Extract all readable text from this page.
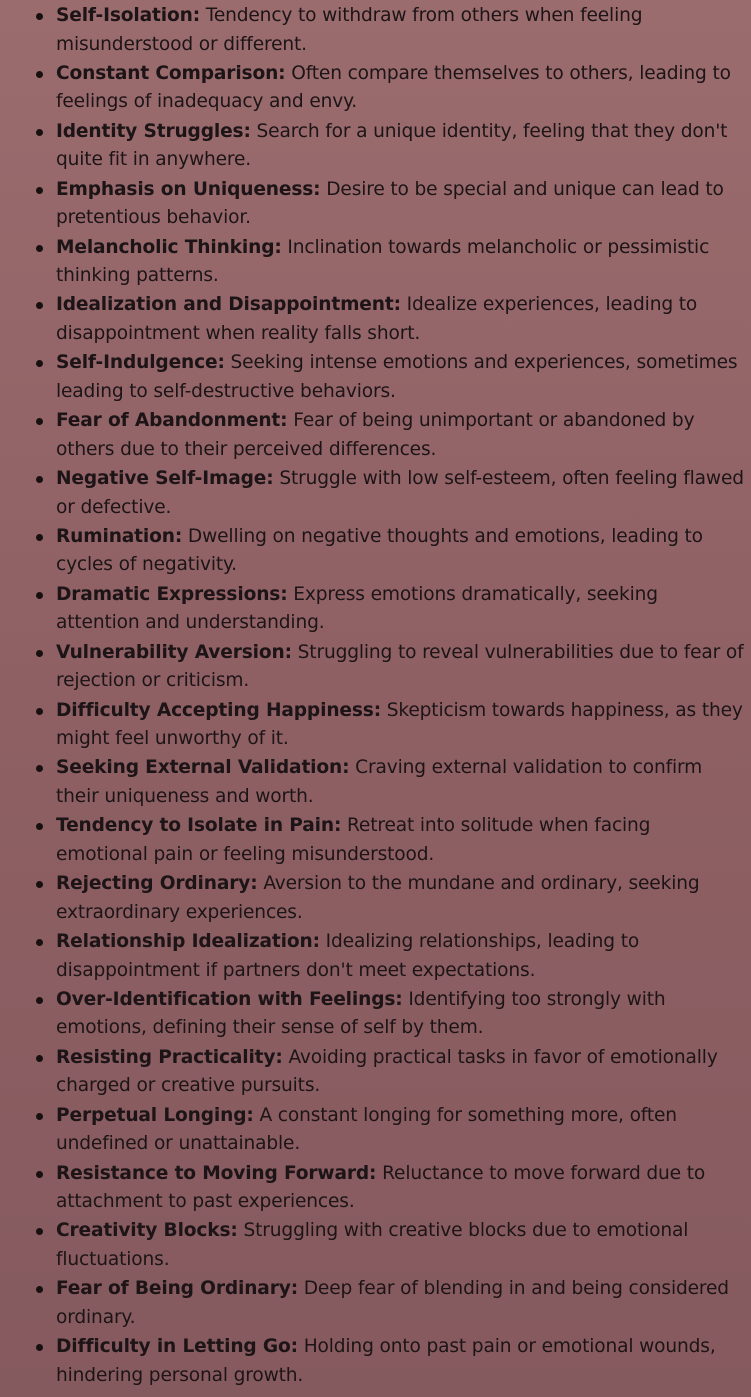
Self-Isolation: Tendency to withdraw from others when feeling misunderstood or different.
Constant Comparison: Often compare themselves to others, leading to feelings of inadequacy and envy.
Identity Struggles: Search for a unique identity, feeling that they don't quite fit in anywhere.
Emphasis on Uniqueness: Desire to be special and unique can lead to pretentious behavior.
Melancholic Thinking: Inclination towards melancholic or pessimistic thinking patterns.
Idealization and Disappointment: Idealize experiences, leading to disappointment when reality falls short.
Self-Indulgence: Seeking intense emotions and experiences, sometimes leading to self-destructive behaviors.
Fear of Abandonment: Fear of being unimportant or abandoned by others due to their perceived differences.
Negative Self-Image: Struggle with low self-esteem, often feeling flawed or defective.
Rumination: Dwelling on negative thoughts and emotions, leading to cycles of negativity.
Dramatic Expressions: Express emotions dramatically, seeking attention and understanding.
Vulnerability Aversion: Struggling to reveal vulnerabilities due to fear of rejection or criticism.
Difficulty Accepting Happiness: Skepticism towards happiness, as they might feel unworthy of it.
Seeking External Validation: Craving external validation to confirm their uniqueness and worth.
Tendency to Isolate in Pain: Retreat into solitude when facing emotional pain or feeling misunderstood.
Rejecting Ordinary: Aversion to the mundane and ordinary, seeking extraordinary experiences.
Relationship Idealization: Idealizing relationships, leading to disappointment if partners don't meet expectations.
Over-Identification with Feelings: Identifying too strongly with emotions, defining their sense of self by them.
Resisting Practicality: Avoiding practical tasks in favor of emotionally charged or creative pursuits.
Perpetual Longing: A constant longing for something more, often undefined or unattainable.
Resistance to Moving Forward: Reluctance to move forward due to attachment to past experiences.
Creativity Blocks: Struggling with creative blocks due to emotional fluctuations.
Fear of Being Ordinary: Deep fear of blending in and being considered ordinary.
Difficulty in Letting Go: Holding onto past pain or emotional wounds, hindering personal growth.
